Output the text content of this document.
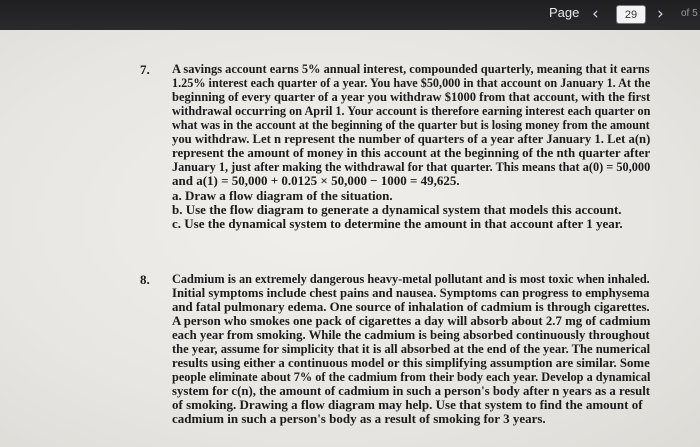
Page ‹	29	› of 5
7. A savings account earns 5% annual interest, compounded quarterly, meaning that it earns
1.25% interest each quarter of a year. You have $50,000 in that account on January 1. At the
beginning of every quarter of a year you withdraw $1000 from that account, with the first
withdrawal occurring on April 1. Your account is therefore earning interest each quarter on
what was in the account at the beginning of the quarter but is losing money from the amount
you withdraw. Let n represent the number of quarters of a year after January 1. Let a(n)
represent the amount of money in this account at the beginning of the nth quarter after
January 1, just after making the withdrawal for that quarter. This means that a(0) = 50,000
and a(1) = 50,000 + 0.0125 × 50,000 − 1000 = 49,625.
a. Draw a flow diagram of the situation.
b. Use the flow diagram to generate a dynamical system that models this account.
c. Use the dynamical system to determine the amount in that account after 1 year.
8. Cadmium is an extremely dangerous heavy-metal pollutant and is most toxic when inhaled.
Initial symptoms include chest pains and nausea. Symptoms can progress to emphysema
and fatal pulmonary edema. One source of inhalation of cadmium is through cigarettes.
A person who smokes one pack of cigarettes a day will absorb about 2.7 mg of cadmium
each year from smoking. While the cadmium is being absorbed continuously throughout
the year, assume for simplicity that it is all absorbed at the end of the year. The numerical
results using either a continuous model or this simplifying assumption are similar. Some
people eliminate about 7% of the cadmium from their body each year. Develop a dynamical
system for c(n), the amount of cadmium in such a person's body after n years as a result
of smoking. Drawing a flow diagram may help. Use that system to find the amount of
cadmium in such a person's body as a result of smoking for 3 years.
